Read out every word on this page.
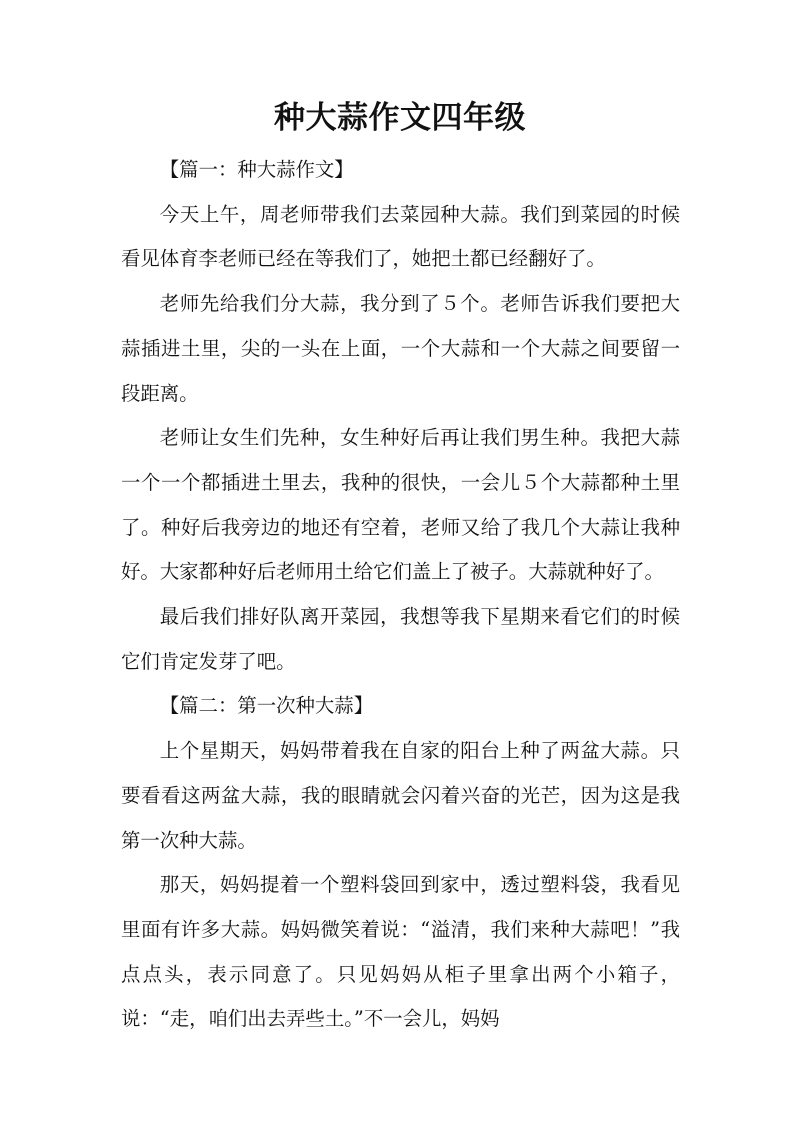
种大蒜作文四年级

【篇一：种大蒜作文】

今天上午，周老师带我们去菜园种大蒜。我们到菜园的时候看见体育李老师已经在等我们了，她把土都已经翻好了。

老师先给我们分大蒜，我分到了５个。老师告诉我们要把大蒜插进土里，尖的一头在上面，一个大蒜和一个大蒜之间要留一段距离。

老师让女生们先种，女生种好后再让我们男生种。我把大蒜一个一个都插进土里去，我种的很快，一会儿５个大蒜都种土里了。种好后我旁边的地还有空着，老师又给了我几个大蒜让我种好。大家都种好后老师用土给它们盖上了被子。大蒜就种好了。

最后我们排好队离开菜园，我想等我下星期来看它们的时候它们肯定发芽了吧。

【篇二：第一次种大蒜】

上个星期天，妈妈带着我在自家的阳台上种了两盆大蒜。只要看看这两盆大蒜，我的眼睛就会闪着兴奋的光芒，因为这是我第一次种大蒜。

那天，妈妈提着一个塑料袋回到家中，透过塑料袋，我看见里面有许多大蒜。妈妈微笑着说：“溢清，我们来种大蒜吧！”我点点头，表示同意了。只见妈妈从柜子里拿出两个小箱子，说：“走，咱们出去弄些土。”不一会儿，妈妈
